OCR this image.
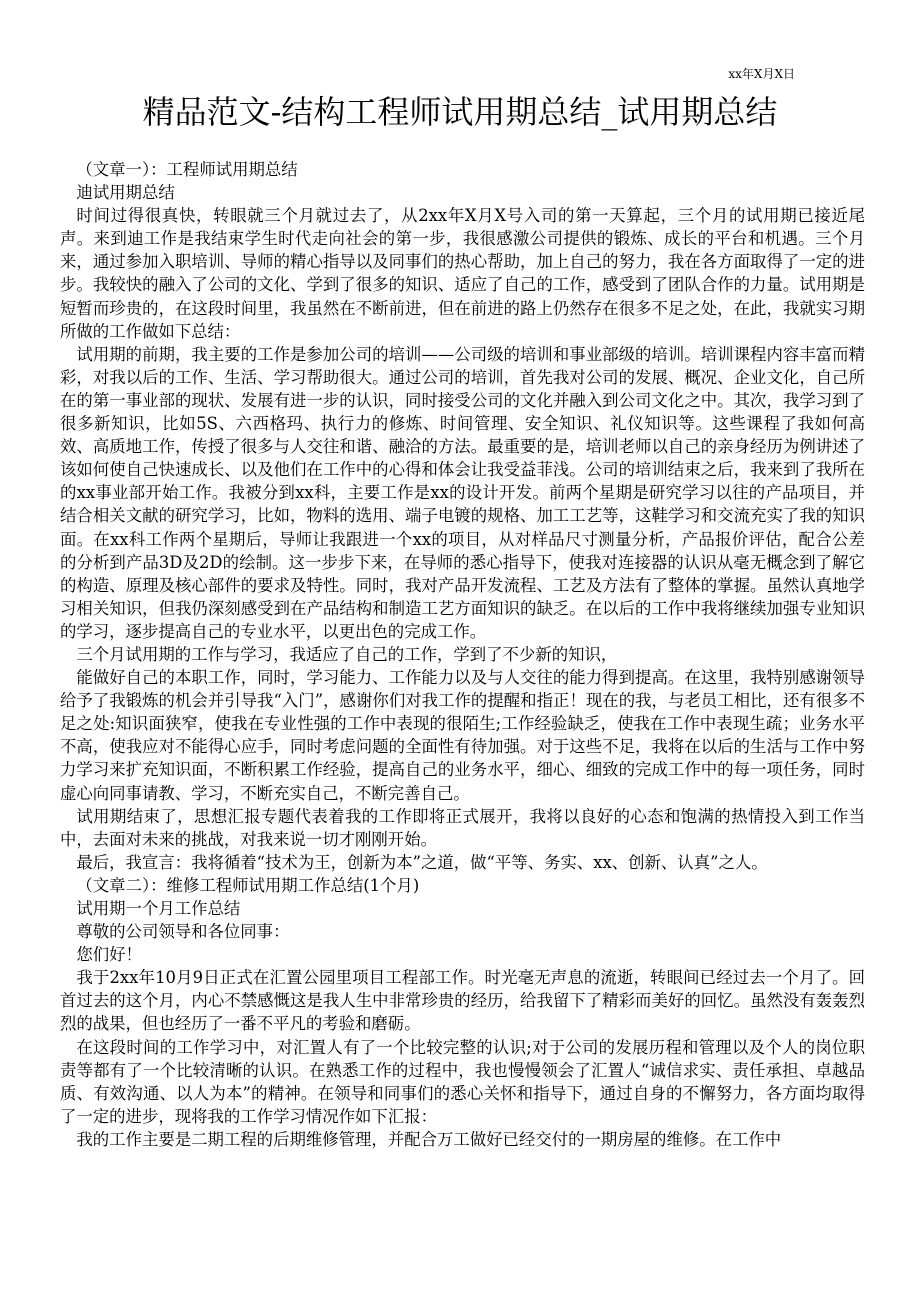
xx年X月X日
精品范文-结构工程师试用期总结_试用期总结

（文章一）：工程师试用期总结

迪试用期总结

时间过得很真快，转眼就三个月就过去了，从2xx年X月X号入司的第一天算起，三个月的试用期已接近尾声。来到迪工作是我结束学生时代走向社会的第一步，我很感激公司提供的锻炼、成长的平台和机遇。三个月来，通过参加入职培训、导师的精心指导以及同事们的热心帮助，加上自己的努力，我在各方面取得了一定的进步。我较快的融入了公司的文化、学到了很多的知识、适应了自己的工作，感受到了团队合作的力量。试用期是短暂而珍贵的，在这段时间里，我虽然在不断前进，但在前进的路上仍然存在很多不足之处，在此，我就实习期所做的工作做如下总结：

试用期的前期，我主要的工作是参加公司的培训——公司级的培训和事业部级的培训。培训课程内容丰富而精彩，对我以后的工作、生活、学习帮助很大。通过公司的培训，首先我对公司的发展、概况、企业文化，自己所在的第一事业部的现状、发展有进一步的认识，同时接受公司的文化并融入到公司文化之中。其次，我学习到了很多新知识，比如5S、六西格玛、执行力的修炼、时间管理、安全知识、礼仪知识等。这些课程了我如何高效、高质地工作，传授了很多与人交往和谐、融洽的方法。最重要的是，培训老师以自己的亲身经历为例讲述了该如何使自己快速成长、以及他们在工作中的心得和体会让我受益菲浅。公司的培训结束之后，我来到了我所在的xx事业部开始工作。我被分到xx科，主要工作是xx的设计开发。前两个星期是研究学习以往的产品项目，并结合相关文献的研究学习，比如，物料的选用、端子电镀的规格、加工工艺等，这鞋学习和交流充实了我的知识面。在xx科工作两个星期后，导师让我跟进一个xx的项目，从对样品尺寸测量分析，产品报价评估，配合公差的分析到产品3D及2D的绘制。这一步步下来，在导师的悉心指导下，使我对连接器的认识从毫无概念到了解它的构造、原理及核心部件的要求及特性。同时，我对产品开发流程、工艺及方法有了整体的掌握。虽然认真地学习相关知识，但我仍深刻感受到在产品结构和制造工艺方面知识的缺乏。在以后的工作中我将继续加强专业知识的学习，逐步提高自己的专业水平，以更出色的完成工作。

三个月试用期的工作与学习，我适应了自己的工作，学到了不少新的知识，

能做好自己的本职工作，同时，学习能力、工作能力以及与人交往的能力得到提高。在这里，我特别感谢领导给予了我锻炼的机会并引导我“入门”，感谢你们对我工作的提醒和指正！现在的我，与老员工相比，还有很多不足之处:知识面狭窄，使我在专业性强的工作中表现的很陌生;工作经验缺乏，使我在工作中表现生疏；业务水平不高，使我应对不能得心应手，同时考虑问题的全面性有待加强。对于这些不足，我将在以后的生活与工作中努力学习来扩充知识面，不断积累工作经验，提高自己的业务水平，细心、细致的完成工作中的每一项任务，同时虚心向同事请教、学习，不断充实自己，不断完善自己。

试用期结束了，思想汇报专题代表着我的工作即将正式展开，我将以良好的心态和饱满的热情投入到工作当中，去面对未来的挑战，对我来说一切才刚刚开始。

最后，我宣言：我将循着“技术为王，创新为本”之道，做“平等、务实、xx、创新、认真”之人。

（文章二）：维修工程师试用期工作总结(1个月)

试用期一个月工作总结

尊敬的公司领导和各位同事：

您们好！

我于2xx年10月9日正式在汇置公园里项目工程部工作。时光毫无声息的流逝，转眼间已经过去一个月了。回首过去的这个月，内心不禁感慨这是我人生中非常珍贵的经历，给我留下了精彩而美好的回忆。虽然没有轰轰烈烈的战果，但也经历了一番不平凡的考验和磨砺。

在这段时间的工作学习中，对汇置人有了一个比较完整的认识;对于公司的发展历程和管理以及个人的岗位职责等都有了一个比较清晰的认识。在熟悉工作的过程中，我也慢慢领会了汇置人“诚信求实、责任承担、卓越品质、有效沟通、以人为本”的精神。在领导和同事们的悉心关怀和指导下，通过自身的不懈努力，各方面均取得了一定的进步，现将我的工作学习情况作如下汇报：

我的工作主要是二期工程的后期维修管理，并配合万工做好已经交付的一期房屋的维修。在工作中
